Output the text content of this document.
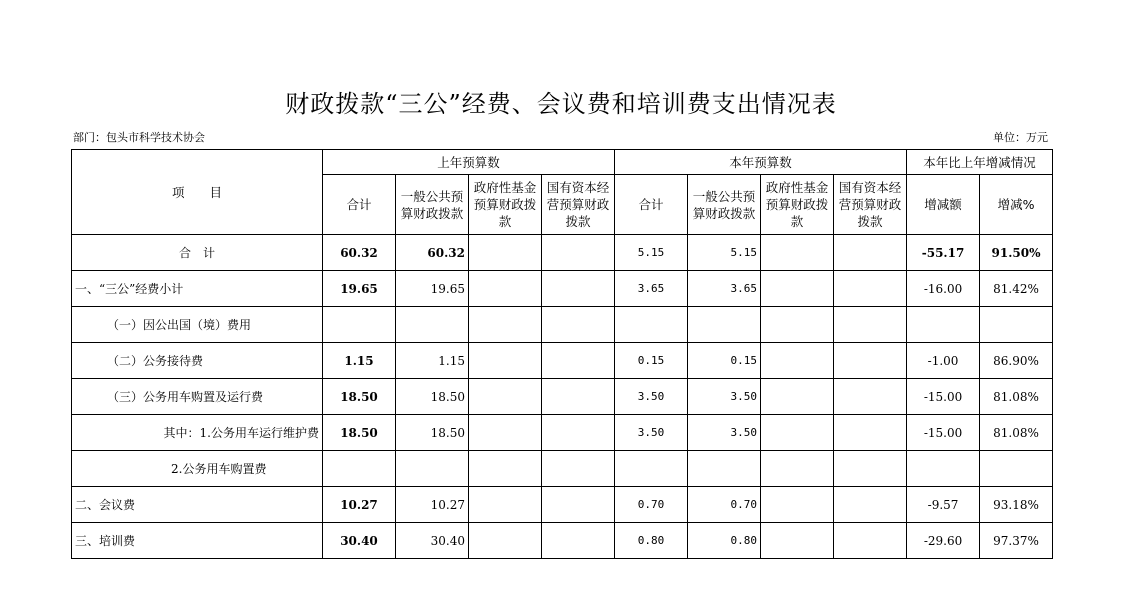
财政拨款“三公”经费、会议费和培训费支出情况表
部门：包头市科学技术协会	单位：万元
项　　目	上年预算数				本年预算数				本年比上年增减情况	
	合计	一般公共预算财政拨款	政府性基金预算财政拨款	国有资本经营预算财政拨款	合计	一般公共预算财政拨款	政府性基金预算财政拨款	国有资本经营预算财政拨款	增减额	增减%
合　计	60.32	60.32			5.15	5.15			-55.17	91.50%
一、“三公”经费小计	19.65	19.65			3.65	3.65			-16.00	81.42%
（一）因公出国（境）费用										
（二）公务接待费	1.15	1.15			0.15	0.15			-1.00	86.90%
（三）公务用车购置及运行费	18.50	18.50			3.50	3.50			-15.00	81.08%
其中：1.公务用车运行维护费	18.50	18.50			3.50	3.50			-15.00	81.08%
2.公务用车购置费										
二、会议费	10.27	10.27			0.70	0.70			-9.57	93.18%
三、培训费	30.40	30.40			0.80	0.80			-29.60	97.37%
